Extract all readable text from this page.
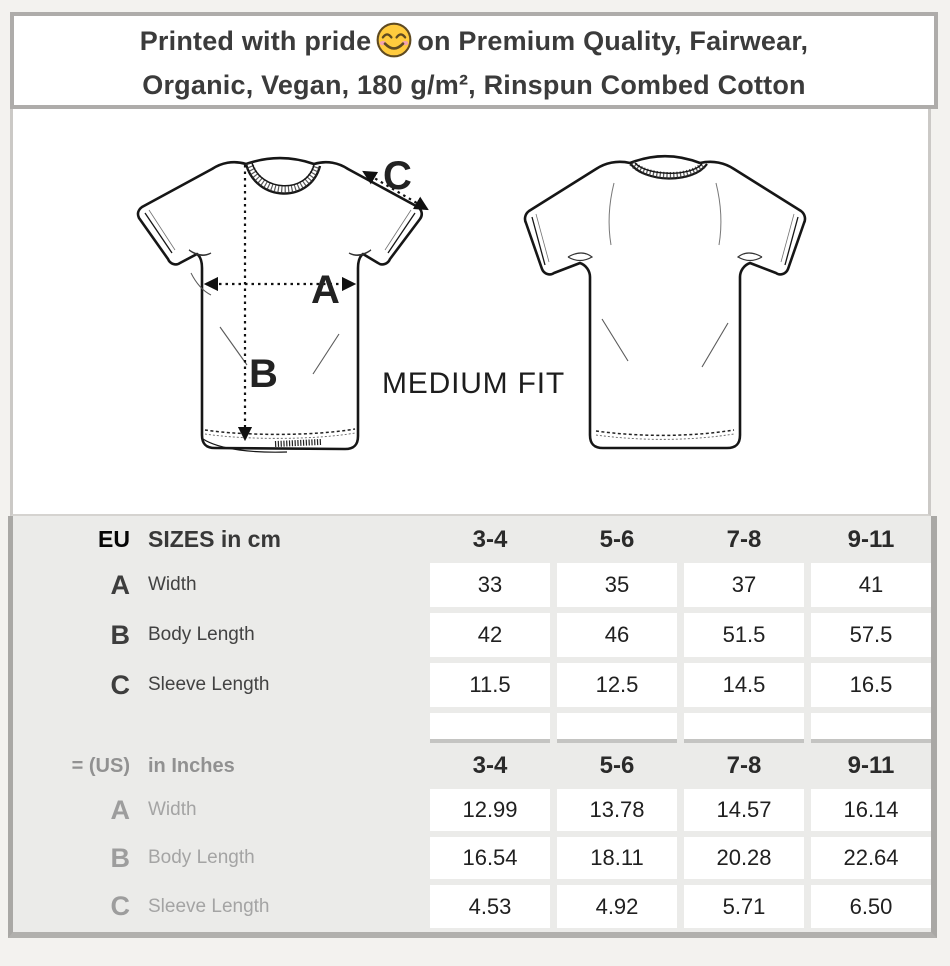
Printed with pride on Premium Quality, Fairwear,
Organic, Vegan, 180 g/m², Rinspun Combed Cotton
A
B
C
MEDIUM FIT
EU SIZES in cm	3-4	5-6	7-8	9-11
A Width	33	35	37	41
B Body Length	42	46	51.5	57.5
C Sleeve Length	11.5	12.5	14.5	16.5
= (US) in Inches	3-4	5-6	7-8	9-11
A Width	12.99	13.78	14.57	16.14
B Body Length	16.54	18.11	20.28	22.64
C Sleeve Length	4.53	4.92	5.71	6.50
